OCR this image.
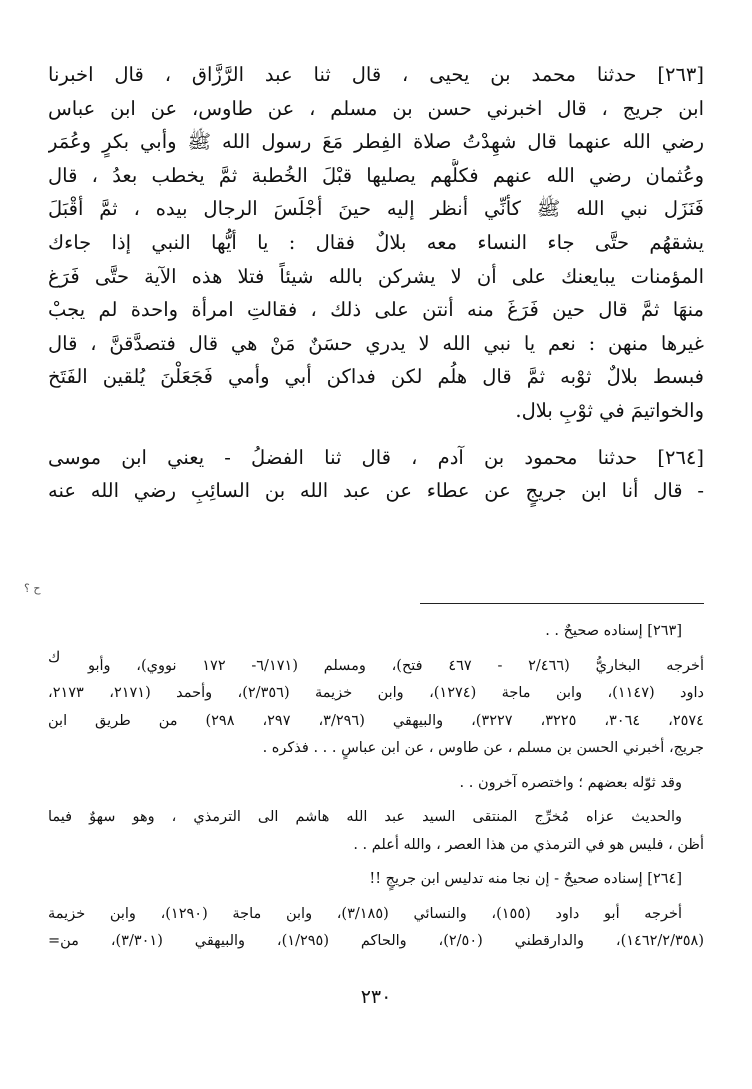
[٢٦٣] حدثنا محمد بن يحيى ، قال ثنا عبد الرَّزَّاق ، قال اخبرنا
ابن جريج ، قال اخبرني حسن بن مسلم ، عن طاوس، عن ابن عباس
رضي الله عنهما قال شهِدْتُ صلاة الفِطر مَعَ رسول الله ﷺ وأبي بكرٍ وعُمَر
وعُثمان رضي الله عنهم فكلُّهم يصليها قبْلَ الخُطبة ثمَّ يخطب بعدُ ، قال
فَنَزَل نبي الله ﷺ كأنِّي أنظر إليه حينَ أجْلَسَ الرجال بيده ، ثمَّ أقْبَلَ
يشقهُم حتَّى جاء النساء معه بلالٌ فقال : يا أيُّها النبي إذا جاءك
المؤمنات يبايعنك على أن لا يشركن بالله شيئاً فتلا هذه الآية حتَّى فَرَغ
منهَا ثمَّ قال حين فَرَغَ منه أنتن على ذلك ، فقالتِ امرأة واحدة لم يجبْ
غيرها منهن : نعم يا نبي الله لا يدري حسَنٌ مَنْ هي قال فتصدَّقنَّ ، قال
فبسط بلالٌ ثوْبه ثمَّ قال هلُم لكن فداكن أبي وأمي فَجَعَلْنَ يُلقين الفَتَخ
والخواتيمَ في ثوْبِ بلال.
[٢٦٤] حدثنا محمود بن آدم ، قال ثنا الفضلُ - يعني ابن موسى
- قال أنا ابن جريجٍ عن عطاء عن عبد الله بن السائِبِ رضي الله عنه
ح ؟
ك
[٢٦٣] إسناده صحيحٌ . .
أخرجه البخاريُّ (٢/٤٦٦ - ٤٦٧ فتح)، ومسلم (٦/١٧١- ١٧٢ نووي)، وأبو
داود (١١٤٧)، وابن ماجة (١٢٧٤)، وابن خزيمة (٢/٣٥٦)، وأحمد (٢١٧١، ٢١٧٣،
٢٥٧٤، ٣٠٦٤، ٣٢٢٥، ٣٢٢٧)، والبيهقي (٣/٢٩٦، ٢٩٧، ٢٩٨) من طريق ابن
جريج، أخبرني الحسن بن مسلم ، عن طاوس ، عن ابن عباسٍ . . . فذكره .
وقد ثوّله بعضهم ؛ واختصره آخرون . .
والحديث عزاه مُخرِّج المنتقى السيد عبد الله هاشم الى الترمذي ، وهو سهوٌ فيما
أظن ، فليس هو في الترمذي من هذا العصر ، والله أعلم . .
[٢٦٤] إسناده صحيحٌ - إن نجا منه تدليس ابن جريجٍ !!
أخرجه أبو داود (١٥٥)، والنسائي (٣/١٨٥)، وابن ماجة (١٢٩٠)، وابن خزيمة
(١٤٦٢/٢/٣٥٨)، والدارقطني (٢/٥٠)، والحاكم (١/٢٩٥)، والبيهقي (٣/٣٠١)، من=
٢٣٠
